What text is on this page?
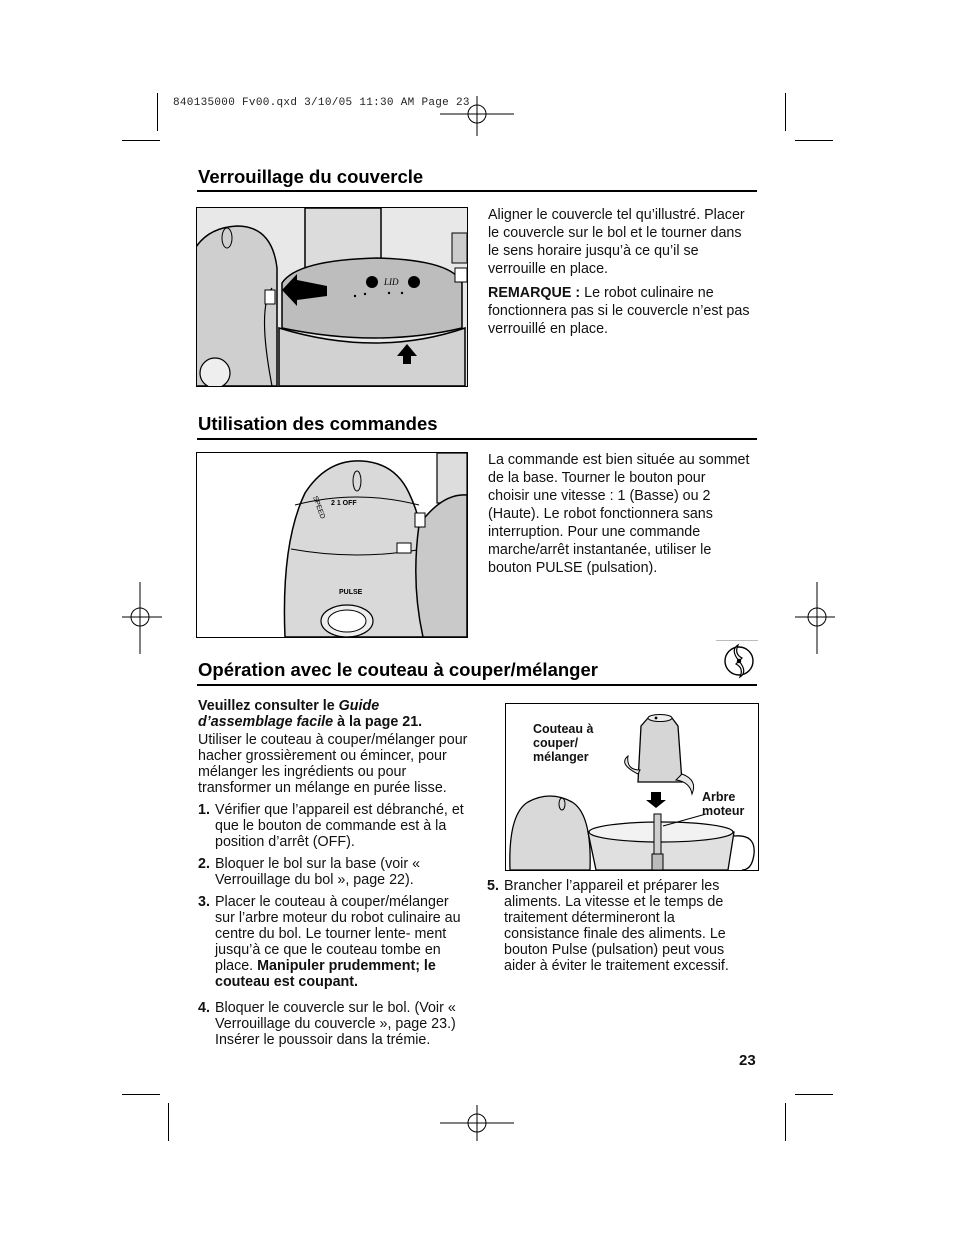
840135000 Fv00.qxd 3/10/05 11:30 AM Page 23
Verrouillage du couvercle
LID

Aligner le couvercle tel qu’illustré. Placer le couvercle sur le bol et le tourner dans le sens horaire jusqu’à ce qu’il se verrouille en place.

REMARQUE : Le robot culinaire ne fonctionnera pas si le couvercle n’est pas verrouillé en place.

Utilisation des commandes
SPEED 2 1 OFF
PULSE

La commande est bien située au sommet de la base. Tourner le bouton pour choisir une vitesse : 1 (Basse) ou 2 (Haute). Le robot fonctionnera sans interruption. Pour une commande marche/arrêt instantanée, utiliser le bouton PULSE (pulsation).

Opération avec le couteau à couper/mélanger
Veuillez consulter le Guide d’assemblage facile à la page 21.
Utiliser le couteau à couper/mélanger pour hacher grossièrement ou émincer, pour mélanger les ingrédients ou pour transformer un mélange en purée lisse.
1. Vérifier que l’appareil est débranché, et que le bouton de commande est à la position d’arrêt (OFF).
2. Bloquer le bol sur la base (voir « Verrouillage du bol », page 22).
3. Placer le couteau à couper/mélanger sur l’arbre moteur du robot culinaire au centre du bol. Le tourner lente- ment jusqu’à ce que le couteau tombe en place. Manipuler prudemment; le couteau est coupant.
4. Bloquer le couvercle sur le bol. (Voir « Verrouillage du couvercle », page 23.) Insérer le poussoir dans la trémie.
Couteau à couper/ mélanger
Arbre moteur
5. Brancher l’appareil et préparer les aliments. La vitesse et le temps de traitement détermineront la consistance finale des aliments. Le bouton Pulse (pulsation) peut vous aider à éviter le traitement excessif.
23
